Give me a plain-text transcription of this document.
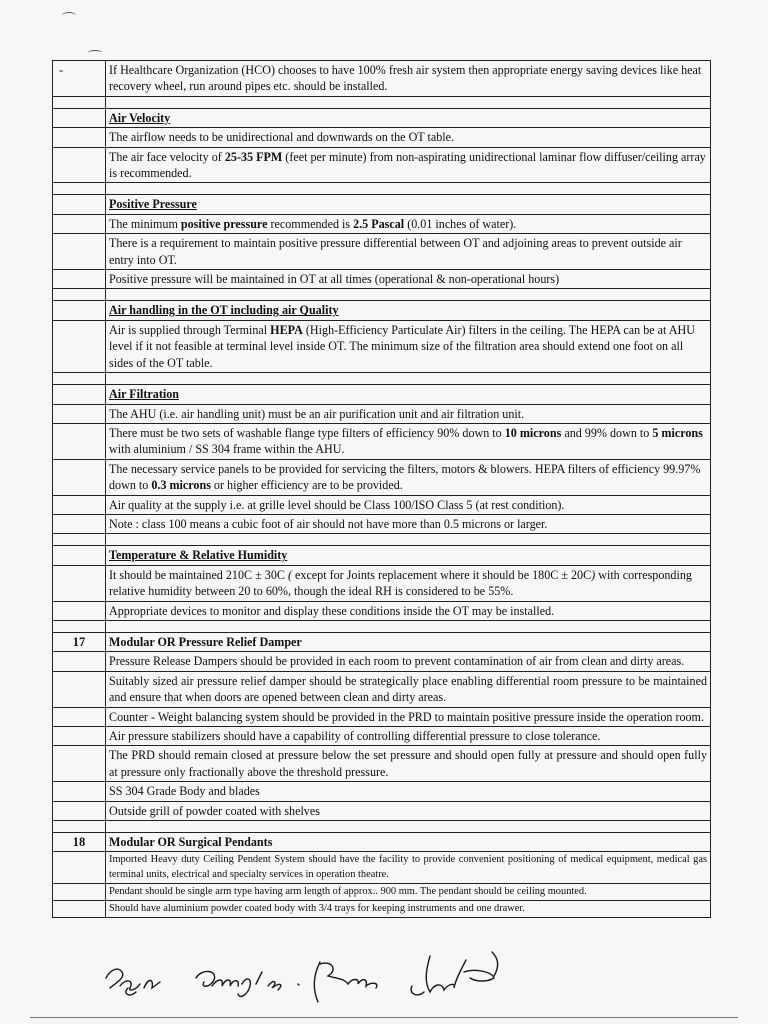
-	If Healthcare Organization (HCO) chooses to have 100% fresh air system then appropriate energy saving devices like heat recovery wheel, run around pipes etc. should be installed.

	Air Velocity
	The airflow needs to be unidirectional and downwards on the OT table.
	The air face velocity of 25-35 FPM (feet per minute) from non-aspirating unidirectional laminar flow diffuser/ceiling array is recommended.

	Positive Pressure
	The minimum positive pressure recommended is 2.5 Pascal (0.01 inches of water).
	There is a requirement to maintain positive pressure differential between OT and adjoining areas to prevent outside air entry into OT.
	Positive pressure will be maintained in OT at all times (operational & non-operational hours)

	Air handling in the OT including air Quality
	Air is supplied through Terminal HEPA (High-Efficiency Particulate Air) filters in the ceiling. The HEPA can be at AHU level if it not feasible at terminal level inside OT. The minimum size of the filtration area should extend one foot on all sides of the OT table.

	Air Filtration
	The AHU (i.e. air handling unit) must be an air purification unit and air filtration unit.
	There must be two sets of washable flange type filters of efficiency 90% down to 10 microns and 99% down to 5 microns with aluminium / SS 304 frame within the AHU.
	The necessary service panels to be provided for servicing the filters, motors & blowers. HEPA filters of efficiency 99.97% down to 0.3 microns or higher efficiency are to be provided.
	Air quality at the supply i.e. at grille level should be Class 100/ISO Class 5 (at rest condition).
	Note : class 100 means a cubic foot of air should not have more than 0.5 microns or larger.

	Temperature & Relative Humidity
	It should be maintained 210C ± 30C ( except for Joints replacement where it should be 180C ± 20C) with corresponding relative humidity between 20 to 60%, though the ideal RH is considered to be 55%.
	Appropriate devices to monitor and display these conditions inside the OT may be installed.

17	Modular OR Pressure Relief Damper
	Pressure Release Dampers should be provided in each room to prevent contamination of air from clean and dirty areas.
	Suitably sized air pressure relief damper should be strategically place enabling differential room pressure to be maintained and ensure that when doors are opened between clean and dirty areas.
	Counter - Weight balancing system should be provided in the PRD to maintain positive pressure inside the operation room.
	Air pressure stabilizers should have a capability of controlling differential pressure to close tolerance.
	The PRD should remain closed at pressure below the set pressure and should open fully at pressure and should open fully at pressure only fractionally above the threshold pressure.
	SS 304 Grade Body and blades
	Outside grill of powder coated with shelves

18	Modular OR Surgical Pendants
	Imported Heavy duty Ceiling Pendent System should have the facility to provide convenient positioning of medical equipment, medical gas terminal units, electrical and specialty services in operation theatre.
	Pendant should be single arm type having arm length of approx.. 900 mm. The pendant should be ceiling mounted.
	Should have aluminium powder coated body with 3/4 trays for keeping instruments and one drawer.
